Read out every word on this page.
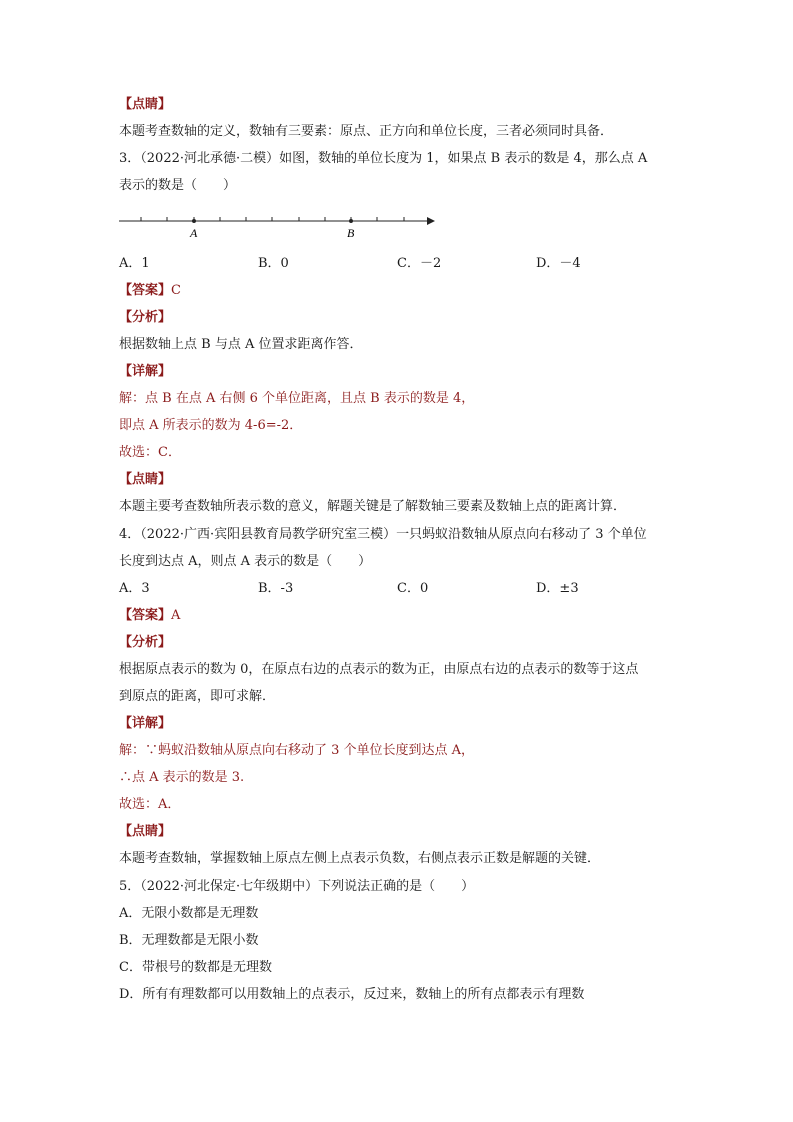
【点睛】
本题考查数轴的定义，数轴有三要素：原点、正方向和单位长度，三者必须同时具备．
3．（2022·河北承德·二模）如图，数轴的单位长度为 1，如果点 B 表示的数是 4，那么点 A
表示的数是（　　）
A	B
A．1	B．0	C．－2	D．－4
【答案】C
【分析】
根据数轴上点 B 与点 A 位置求距离作答．
【详解】
解：点 B 在点 A 右侧 6 个单位距离，且点 B 表示的数是 4，
即点 A 所表示的数为 4-6=-2．
故选：C．
【点睛】
本题主要考查数轴所表示数的意义，解题关键是了解数轴三要素及数轴上点的距离计算．
4．（2022·广西·宾阳县教育局教学研究室三模）一只蚂蚁沿数轴从原点向右移动了 3 个单位
长度到达点 A，则点 A 表示的数是（　　）
A．3	B．-3	C．0	D．±3
【答案】A
【分析】
根据原点表示的数为 0，在原点右边的点表示的数为正，由原点右边的点表示的数等于这点
到原点的距离，即可求解．
【详解】
解：∵蚂蚁沿数轴从原点向右移动了 3 个单位长度到达点 A，
∴点 A 表示的数是 3.
故选：A．
【点睛】
本题考查数轴，掌握数轴上原点左侧上点表示负数，右侧点表示正数是解题的关键．
5．（2022·河北保定·七年级期中）下列说法正确的是（　　）
A．无限小数都是无理数
B．无理数都是无限小数
C．带根号的数都是无理数
D．所有有理数都可以用数轴上的点表示，反过来，数轴上的所有点都表示有理数
